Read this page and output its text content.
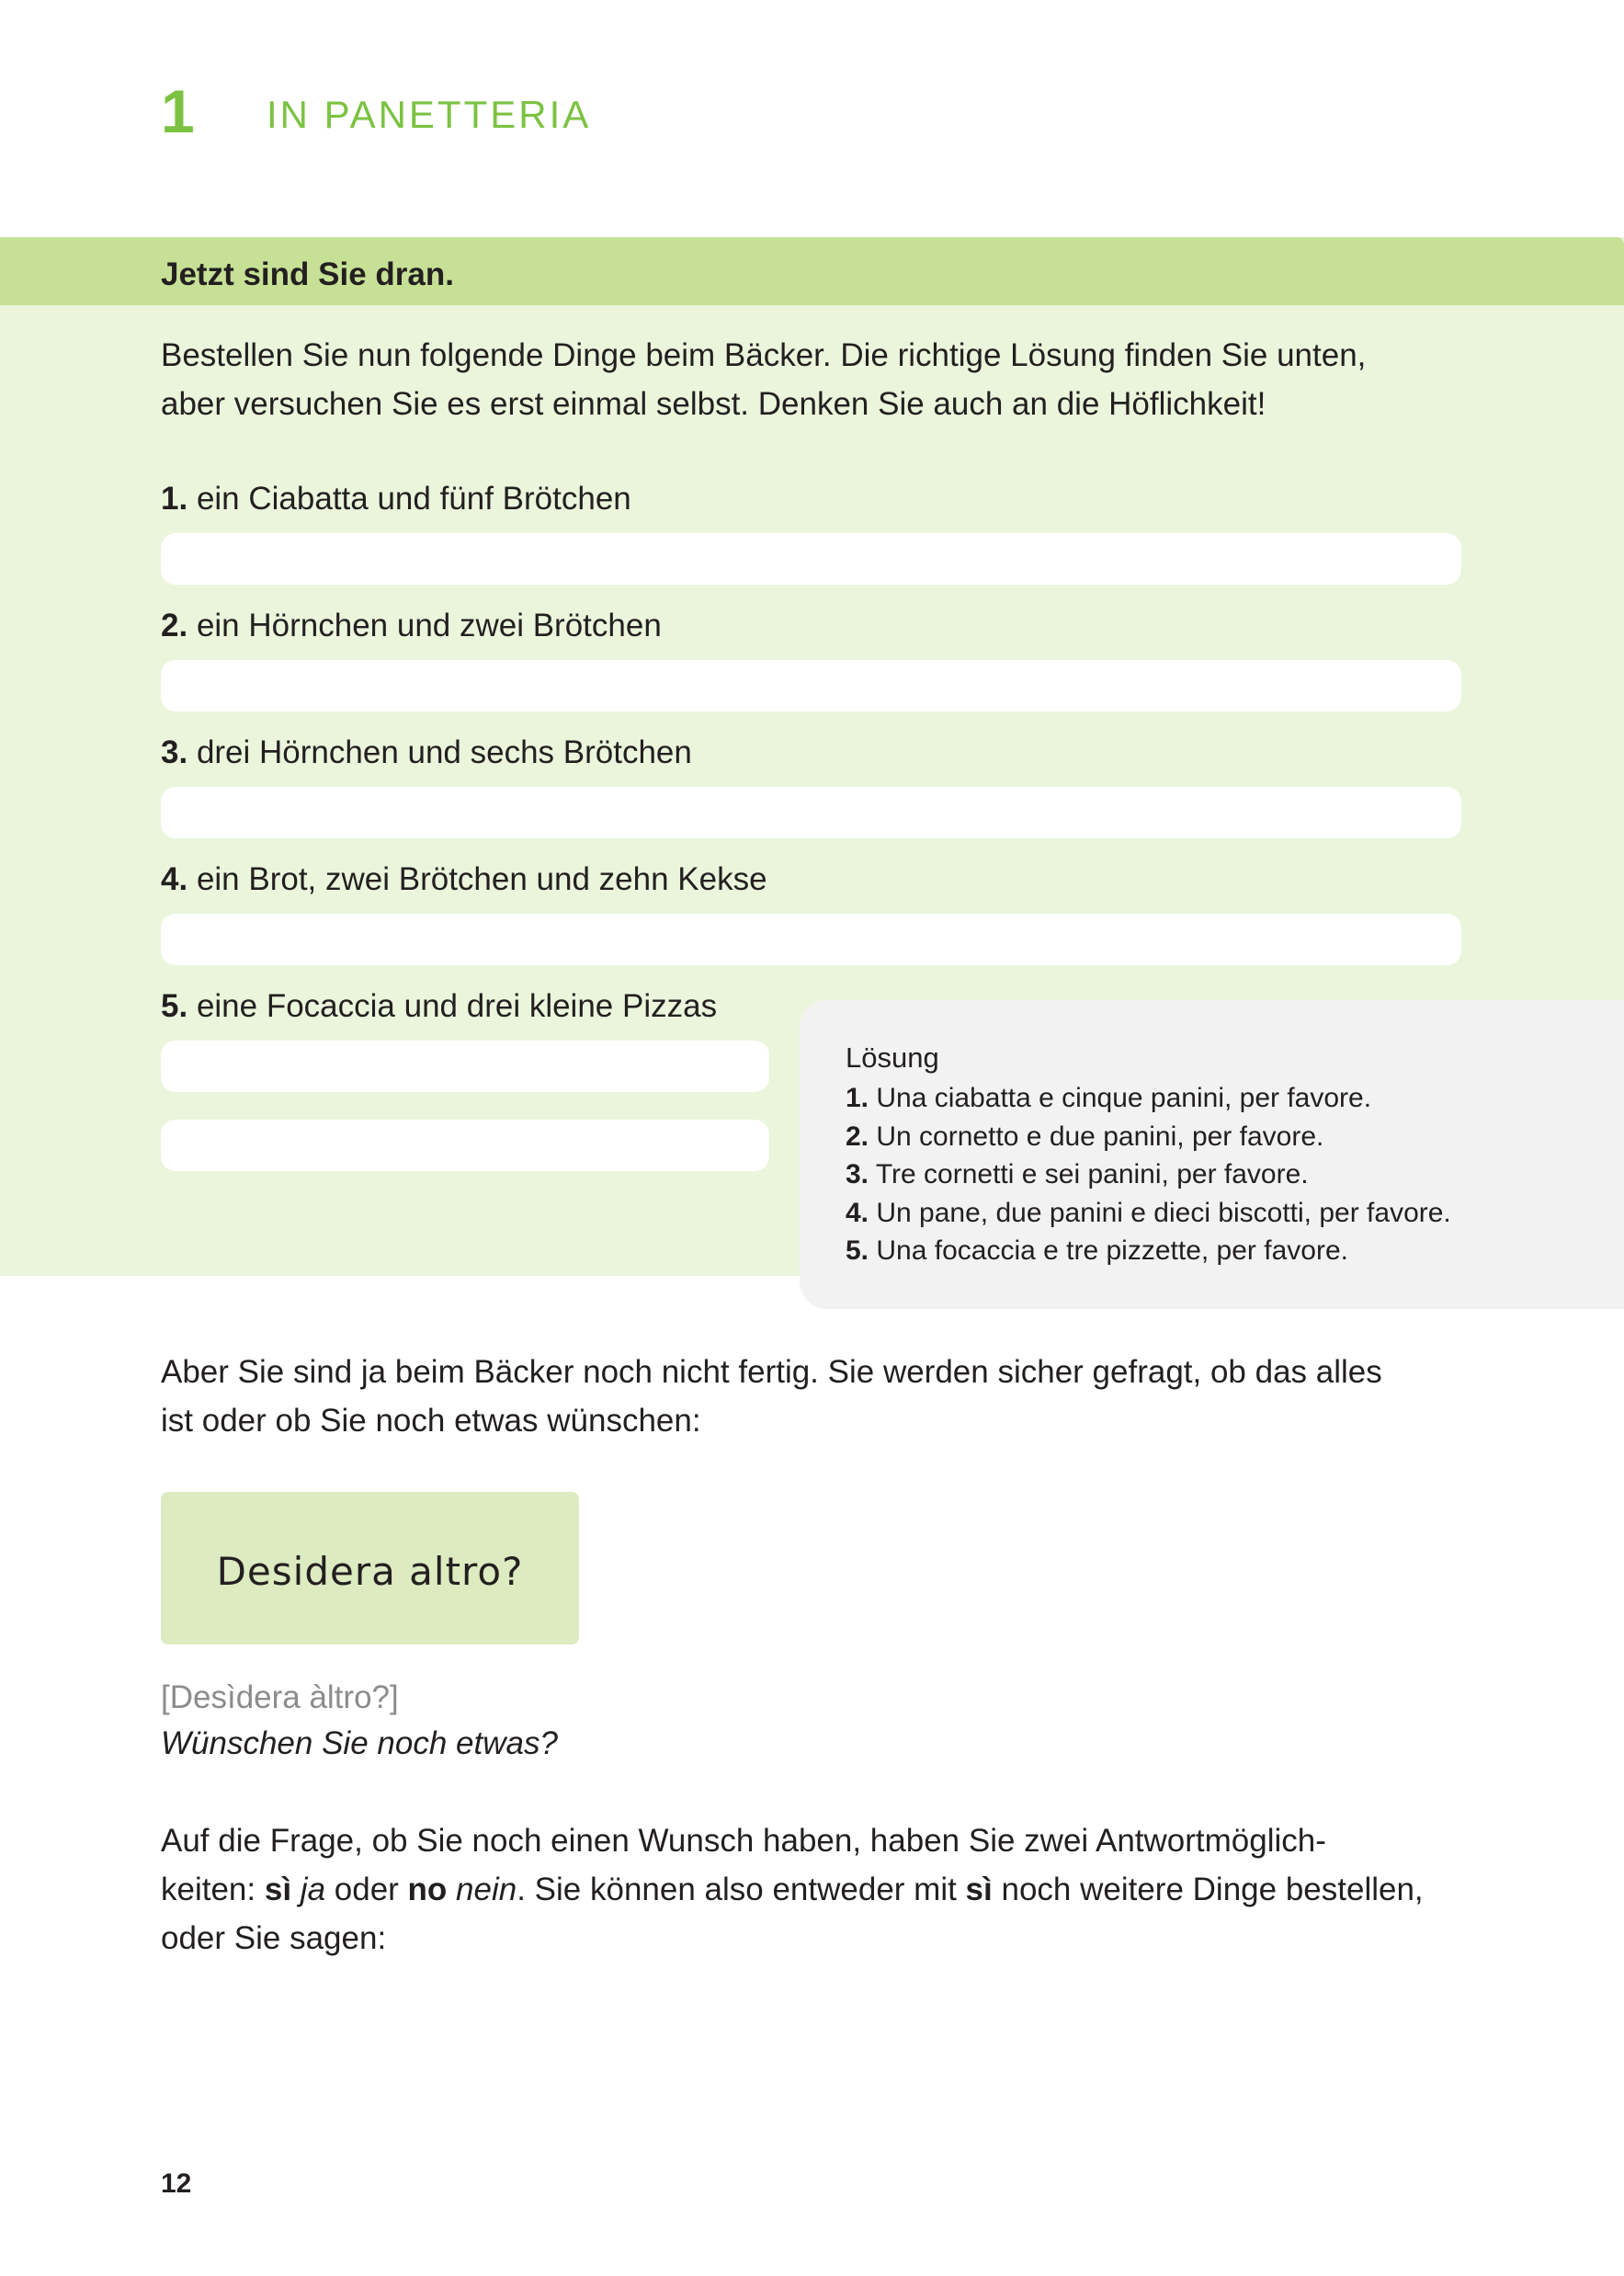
1 IN PANETTERIA
Jetzt sind Sie dran.

Bestellen Sie nun folgende Dinge beim Bäcker. Die richtige Lösung finden Sie unten,
aber versuchen Sie es erst einmal selbst. Denken Sie auch an die Höflichkeit!

1. ein Ciabatta und fünf Brötchen
2. ein Hörnchen und zwei Brötchen
3. drei Hörnchen und sechs Brötchen
4. ein Brot, zwei Brötchen und zehn Kekse
5. eine Focaccia und drei kleine Pizzas
Lösung
1. Una ciabatta e cinque panini, per favore.
2. Un cornetto e due panini, per favore.
3. Tre cornetti e sei panini, per favore.
4. Un pane, due panini e dieci biscotti, per favore.
5. Una focaccia e tre pizzette, per favore.

Aber Sie sind ja beim Bäcker noch nicht fertig. Sie werden sicher gefragt, ob das alles
ist oder ob Sie noch etwas wünschen:

Desidera altro?
[Desìdera àltro?]
Wünschen Sie noch etwas?

Auf die Frage, ob Sie noch einen Wunsch haben, haben Sie zwei Antwortmöglich-
keiten: sì ja oder no nein. Sie können also entweder mit sì noch weitere Dinge bestellen,
oder Sie sagen:

12
